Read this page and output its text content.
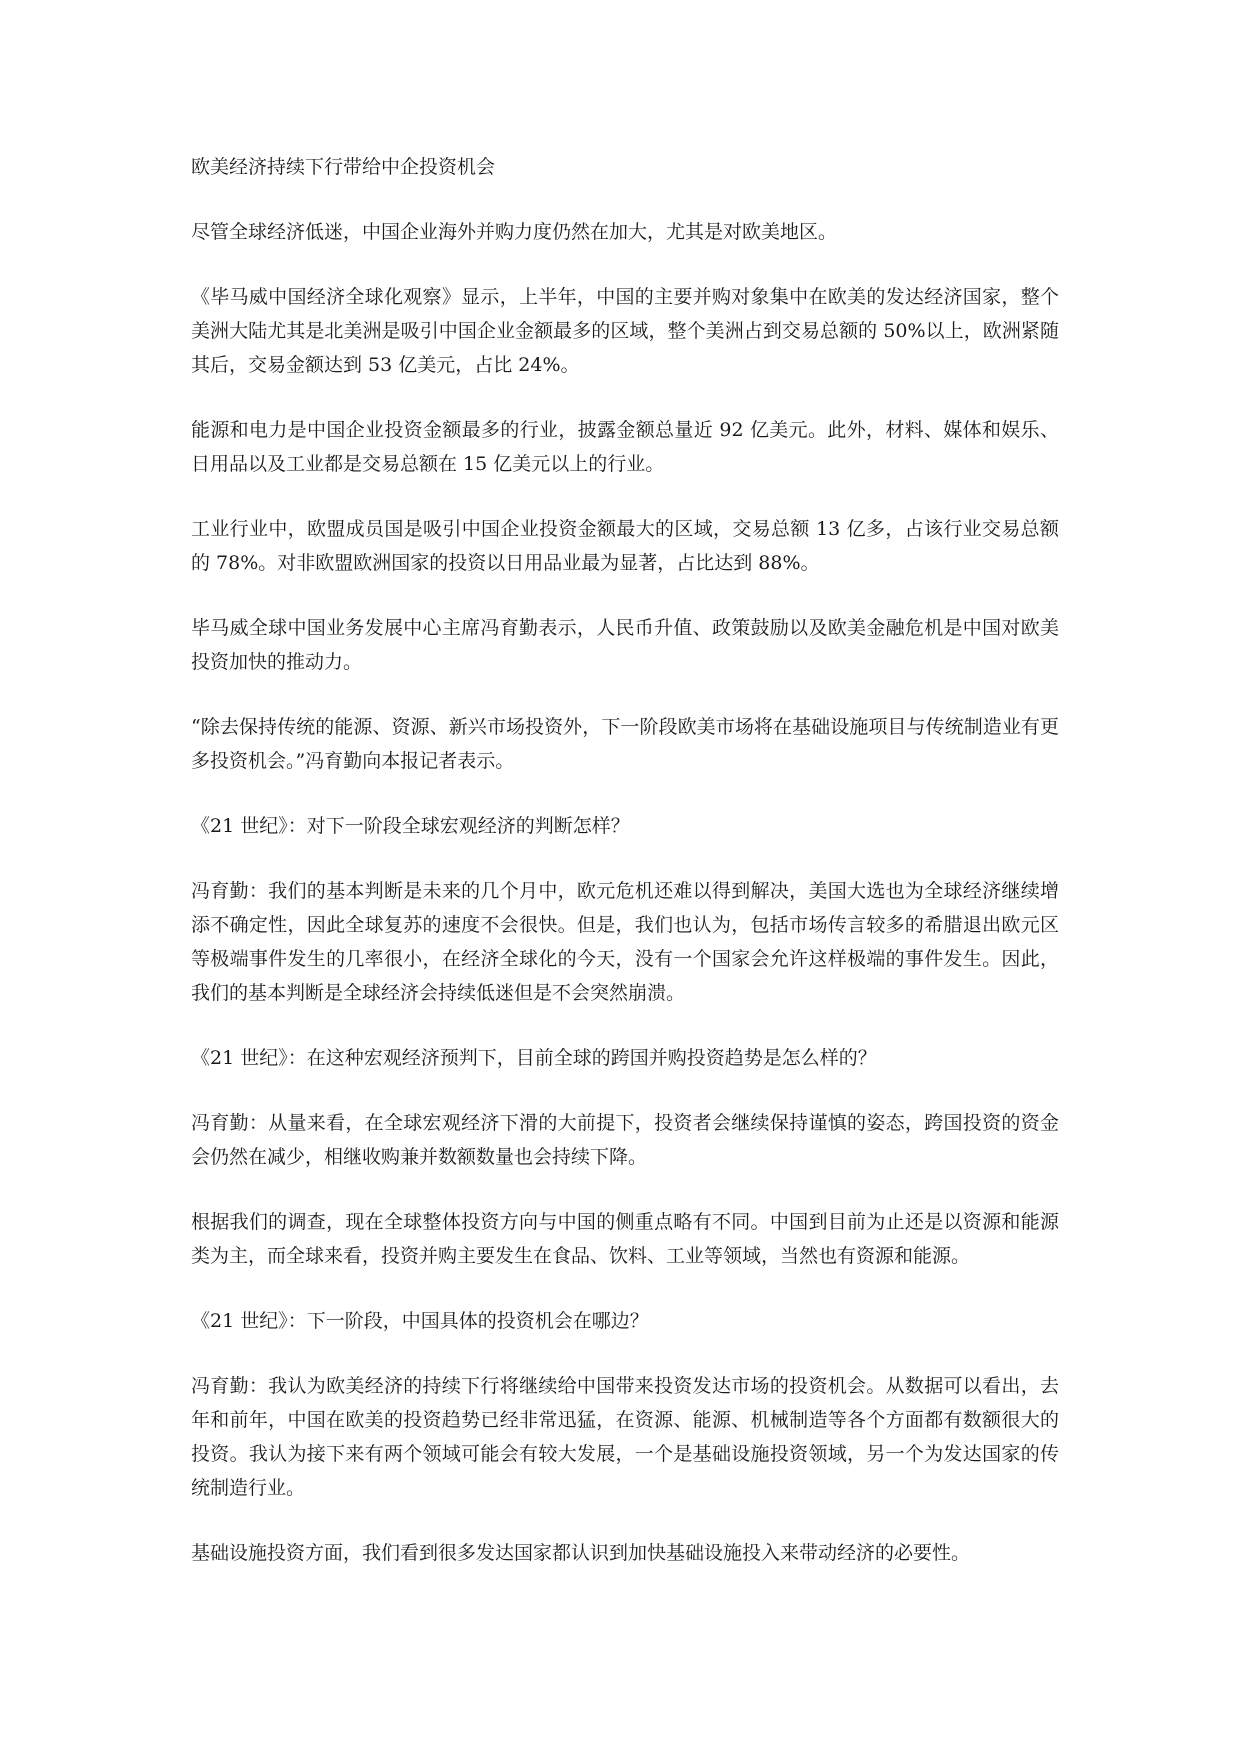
欧美经济持续下行带给中企投资机会

尽管全球经济低迷，中国企业海外并购力度仍然在加大，尤其是对欧美地区。

《毕马威中国经济全球化观察》显示，上半年，中国的主要并购对象集中在欧美的发达经济国家，整个美洲大陆尤其是北美洲是吸引中国企业金额最多的区域，整个美洲占到交易总额的 50%以上，欧洲紧随其后，交易金额达到 53 亿美元，占比 24%。

能源和电力是中国企业投资金额最多的行业，披露金额总量近 92 亿美元。此外，材料、媒体和娱乐、日用品以及工业都是交易总额在 15 亿美元以上的行业。

工业行业中，欧盟成员国是吸引中国企业投资金额最大的区域，交易总额 13 亿多，占该行业交易总额的 78%。对非欧盟欧洲国家的投资以日用品业最为显著，占比达到 88%。

毕马威全球中国业务发展中心主席冯育勤表示，人民币升值、政策鼓励以及欧美金融危机是中国对欧美投资加快的推动力。

“除去保持传统的能源、资源、新兴市场投资外，下一阶段欧美市场将在基础设施项目与传统制造业有更多投资机会。”冯育勤向本报记者表示。

《21 世纪》：对下一阶段全球宏观经济的判断怎样？

冯育勤：我们的基本判断是未来的几个月中，欧元危机还难以得到解决，美国大选也为全球经济继续增添不确定性，因此全球复苏的速度不会很快。但是，我们也认为，包括市场传言较多的希腊退出欧元区等极端事件发生的几率很小，在经济全球化的今天，没有一个国家会允许这样极端的事件发生。因此，我们的基本判断是全球经济会持续低迷但是不会突然崩溃。

《21 世纪》：在这种宏观经济预判下，目前全球的跨国并购投资趋势是怎么样的？

冯育勤：从量来看，在全球宏观经济下滑的大前提下，投资者会继续保持谨慎的姿态，跨国投资的资金会仍然在减少，相继收购兼并数额数量也会持续下降。

根据我们的调查，现在全球整体投资方向与中国的侧重点略有不同。中国到目前为止还是以资源和能源类为主，而全球来看，投资并购主要发生在食品、饮料、工业等领域，当然也有资源和能源。

《21 世纪》：下一阶段，中国具体的投资机会在哪边？

冯育勤：我认为欧美经济的持续下行将继续给中国带来投资发达市场的投资机会。从数据可以看出，去年和前年，中国在欧美的投资趋势已经非常迅猛，在资源、能源、机械制造等各个方面都有数额很大的投资。我认为接下来有两个领域可能会有较大发展，一个是基础设施投资领域，另一个为发达国家的传统制造行业。

基础设施投资方面，我们看到很多发达国家都认识到加快基础设施投入来带动经济的必要性。
